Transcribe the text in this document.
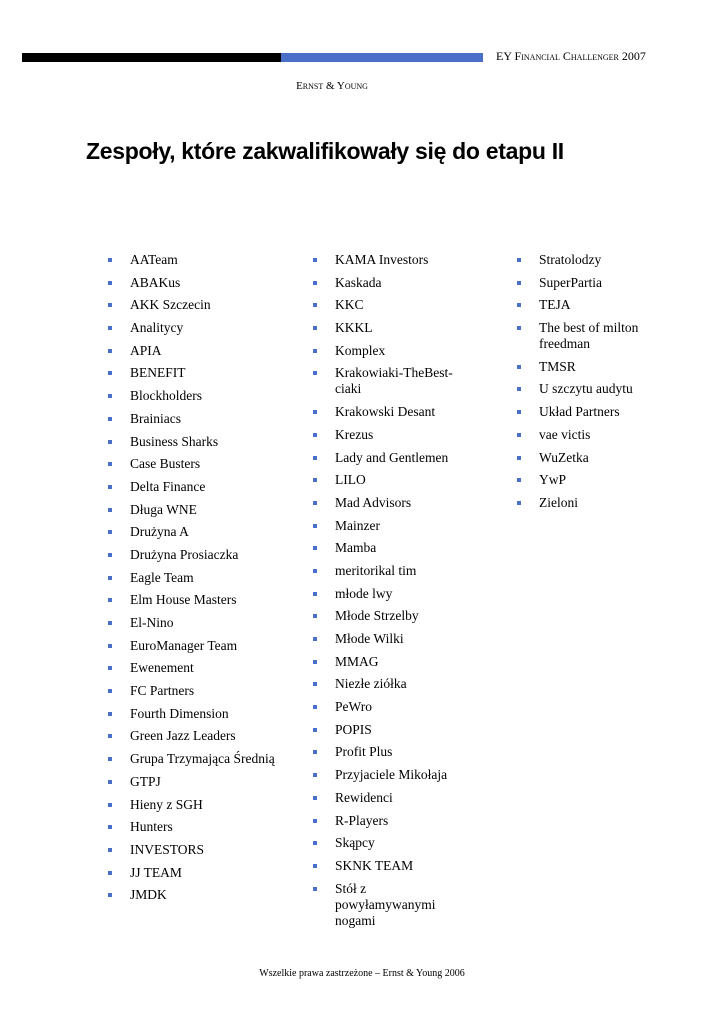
EY Financial Challenger 2007
Ernst & Young
Zespoły, które zakwalifikowały się do etapu II
AATeam
ABAKus
AKK Szczecin
Analitycy
APIA
BENEFIT
Blockholders
Brainiacs
Business Sharks
Case Busters
Delta Finance
Długa WNE
Drużyna A
Drużyna Prosiaczka
Eagle Team
Elm House Masters
El-Nino
EuroManager Team
Ewenement
FC Partners
Fourth Dimension
Green Jazz Leaders
Grupa Trzymająca Średnią
GTPJ
Hieny z SGH
Hunters
INVESTORS
JJ TEAM
JMDK
KAMA Investors
Kaskada
KKC
KKKL
Komplex
Krakowiaki-TheBest-ciaki
Krakowski Desant
Krezus
Lady and Gentlemen
LILO
Mad Advisors
Mainzer
Mamba
meritorikal tim
młode lwy
Młode Strzelby
Młode Wilki
MMAG
Niezłe ziółka
PeWro
POPIS
Profit Plus
Przyjaciele Mikołaja
Rewidenci
R-Players
Skąpcy
SKNK TEAM
Stół z powyłamywanymi nogami
Stratolodzy
SuperPartia
TEJA
The best of milton freedman
TMSR
U szczytu audytu
Układ Partners
vae victis
WuZetka
YwP
Zieloni
Wszelkie prawa zastrzeżone – Ernst & Young 2006
